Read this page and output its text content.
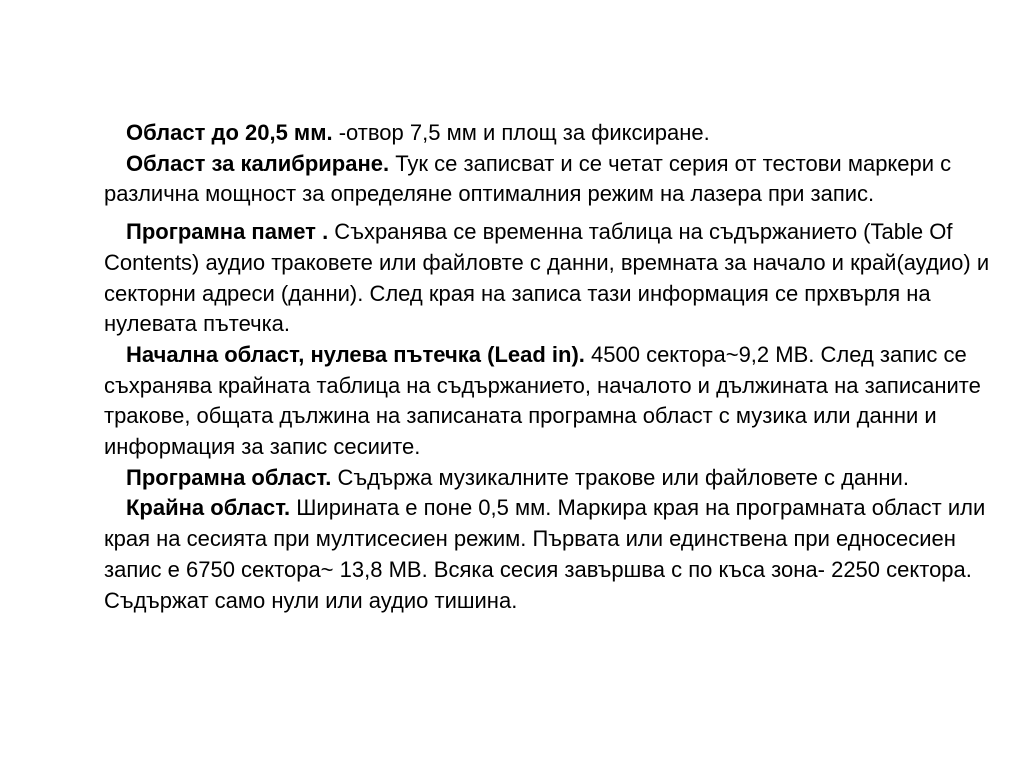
Област до 20,5 мм. -отвор 7,5 мм и площ за фиксиране.

Област за калибриране. Тук се записват и се четат серия от тестови маркери с различна мощност за определяне оптималния режим на лазера при запис.

Програмна памет . Съхранява се временна таблица на съдържанието (Table Of Contents) аудио траковете или файловте с данни, времната за начало и край(аудио) и секторни адреси (данни). След края на записа тази информация се прхвърля на нулевата пътечка.

Начална област, нулева пътечка (Lead in). 4500 сектора~9,2 MB. След запис се съхранява крайната таблица на съдържанието, началото и дължината на записаните тракове, общата дължина на записаната програмна област с музика или данни и информация за запис сесиите.

Програмна област. Съдържа музикалните тракове или файловете с данни.

Крайна област. Ширината е поне 0,5 мм. Маркира края на програмната област или края на сесията при мултисесиен режим. Първата или единствена при едносесиен запис е 6750 сектора~ 13,8 MB. Всяка сесия завършва с по къса зона- 2250 сектора. Съдържат само нули или аудио тишина.
